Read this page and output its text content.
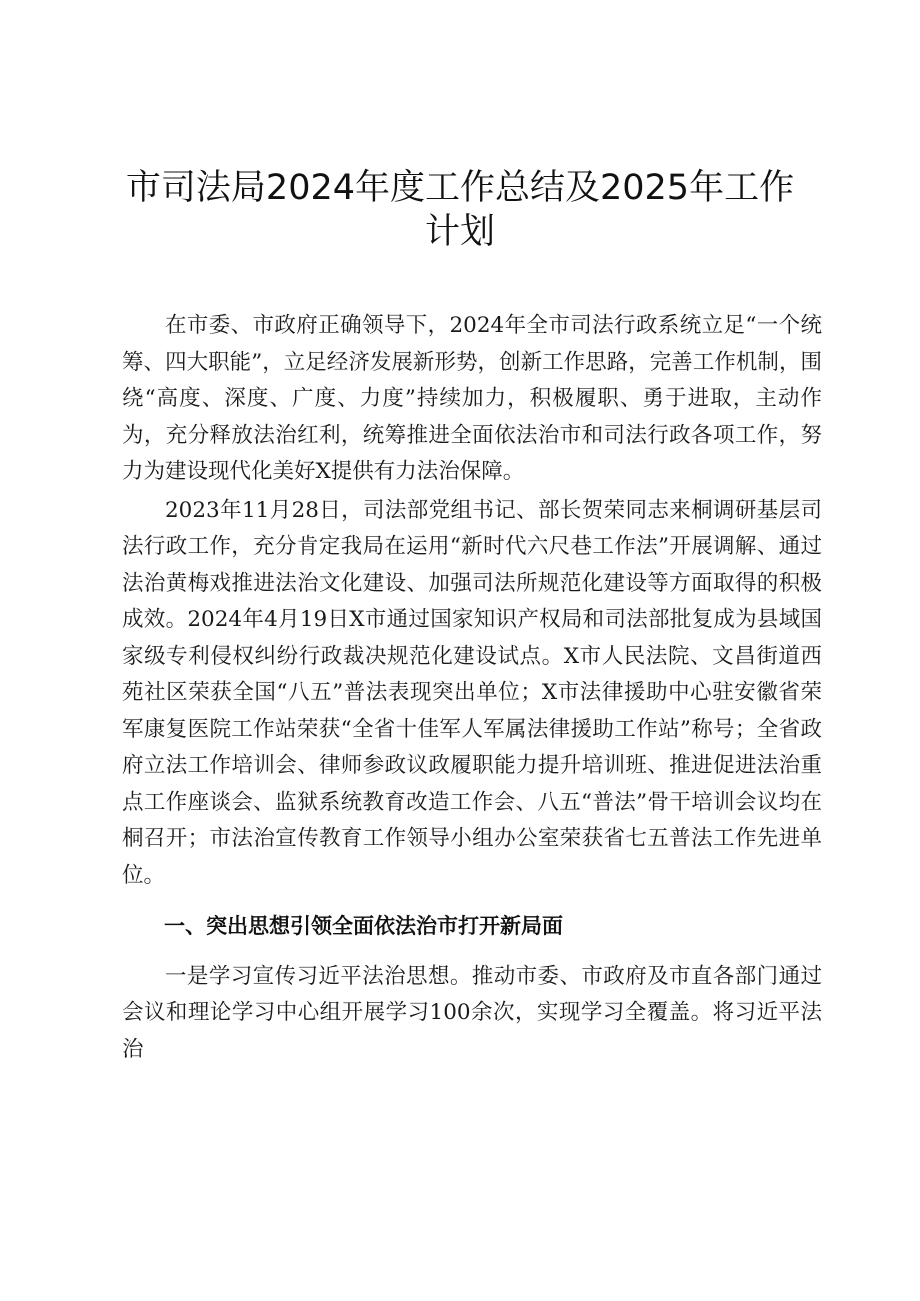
市司法局2024年度工作总结及2025年工作计划

在市委、市政府正确领导下，2024年全市司法行政系统立足“一个统筹、四大职能”，立足经济发展新形势，创新工作思路，完善工作机制，围绕“高度、深度、广度、力度”持续加力，积极履职、勇于进取，主动作为，充分释放法治红利，统筹推进全面依法治市和司法行政各项工作，努力为建设现代化美好X提供有力法治保障。

2023年11月28日，司法部党组书记、部长贺荣同志来桐调研基层司法行政工作，充分肯定我局在运用“新时代六尺巷工作法”开展调解、通过法治黄梅戏推进法治文化建设、加强司法所规范化建设等方面取得的积极成效。2024年4月19日X市通过国家知识产权局和司法部批复成为县域国家级专利侵权纠纷行政裁决规范化建设试点。X市人民法院、文昌街道西苑社区荣获全国“八五”普法表现突出单位；X市法律援助中心驻安徽省荣军康复医院工作站荣获“全省十佳军人军属法律援助工作站”称号；全省政府立法工作培训会、律师参政议政履职能力提升培训班、推进促进法治重点工作座谈会、监狱系统教育改造工作会、八五“普法”骨干培训会议均在桐召开；市法治宣传教育工作领导小组办公室荣获省七五普法工作先进单位。

一、突出思想引领全面依法治市打开新局面

一是学习宣传习近平法治思想。推动市委、市政府及市直各部门通过会议和理论学习中心组开展学习100余次，实现学习全覆盖。将习近平法治
